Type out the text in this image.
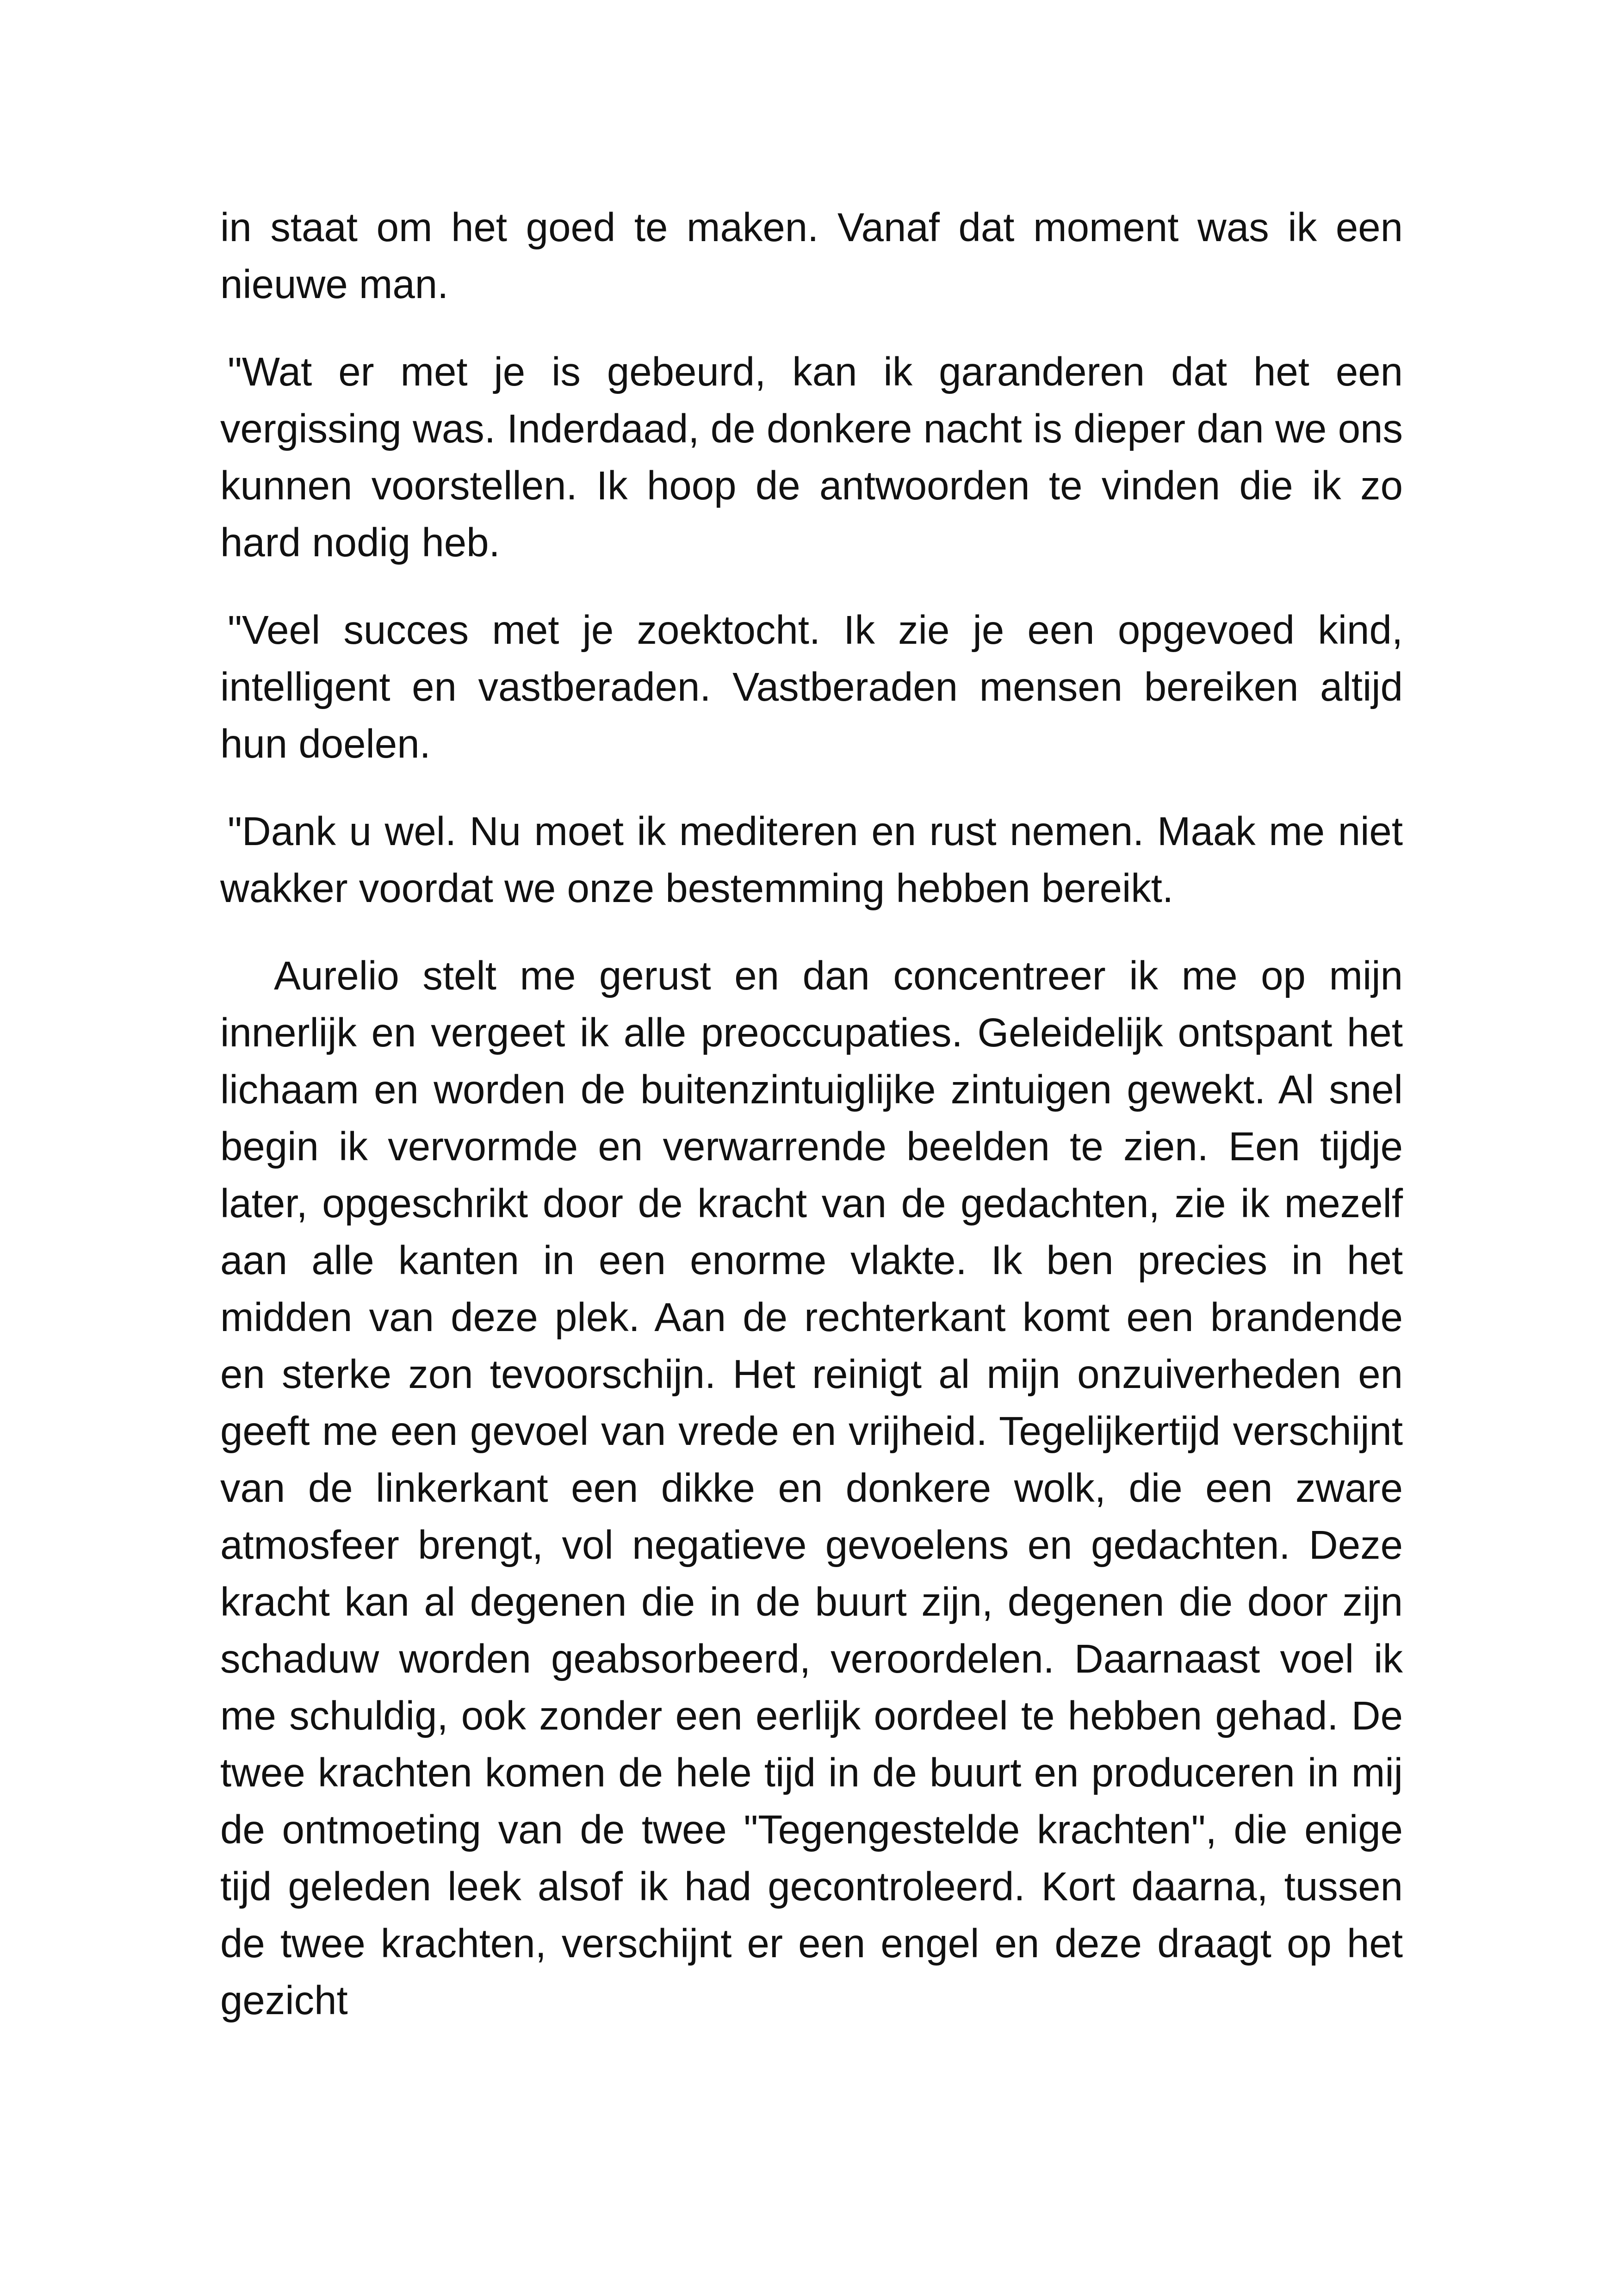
in staat om het goed te maken. Vanaf dat moment was ik een nieuwe man.

"Wat er met je is gebeurd, kan ik garanderen dat het een vergissing was. Inderdaad, de donkere nacht is dieper dan we ons kunnen voorstellen. Ik hoop de antwoorden te vinden die ik zo hard nodig heb.

"Veel succes met je zoektocht. Ik zie je een opgevoed kind, intelligent en vastberaden. Vastberaden mensen bereiken altijd hun doelen.

"Dank u wel. Nu moet ik mediteren en rust nemen. Maak me niet wakker voordat we onze bestemming hebben bereikt.

Aurelio stelt me gerust en dan concentreer ik me op mijn innerlijk en vergeet ik alle preoccupaties. Geleidelijk ontspant het lichaam en worden de buitenzintuiglijke zintuigen gewekt. Al snel begin ik vervormde en verwarrende beelden te zien. Een tijdje later, opgeschrikt door de kracht van de gedachten, zie ik mezelf aan alle kanten in een enorme vlakte. Ik ben precies in het midden van deze plek. Aan de rechterkant komt een brandende en sterke zon tevoorschijn. Het reinigt al mijn onzuiverheden en geeft me een gevoel van vrede en vrijheid. Tegelijkertijd verschijnt van de linkerkant een dikke en donkere wolk, die een zware atmosfeer brengt, vol negatieve gevoelens en gedachten. Deze kracht kan al degenen die in de buurt zijn, degenen die door zijn schaduw worden geabsorbeerd, veroordelen. Daarnaast voel ik me schuldig, ook zonder een eerlijk oordeel te hebben gehad. De twee krachten komen de hele tijd in de buurt en produceren in mij de ontmoeting van de twee "Tegengestelde krachten", die enige tijd geleden leek alsof ik had gecontroleerd. Kort daarna, tussen de twee krachten, verschijnt er een engel en deze draagt op het gezicht
